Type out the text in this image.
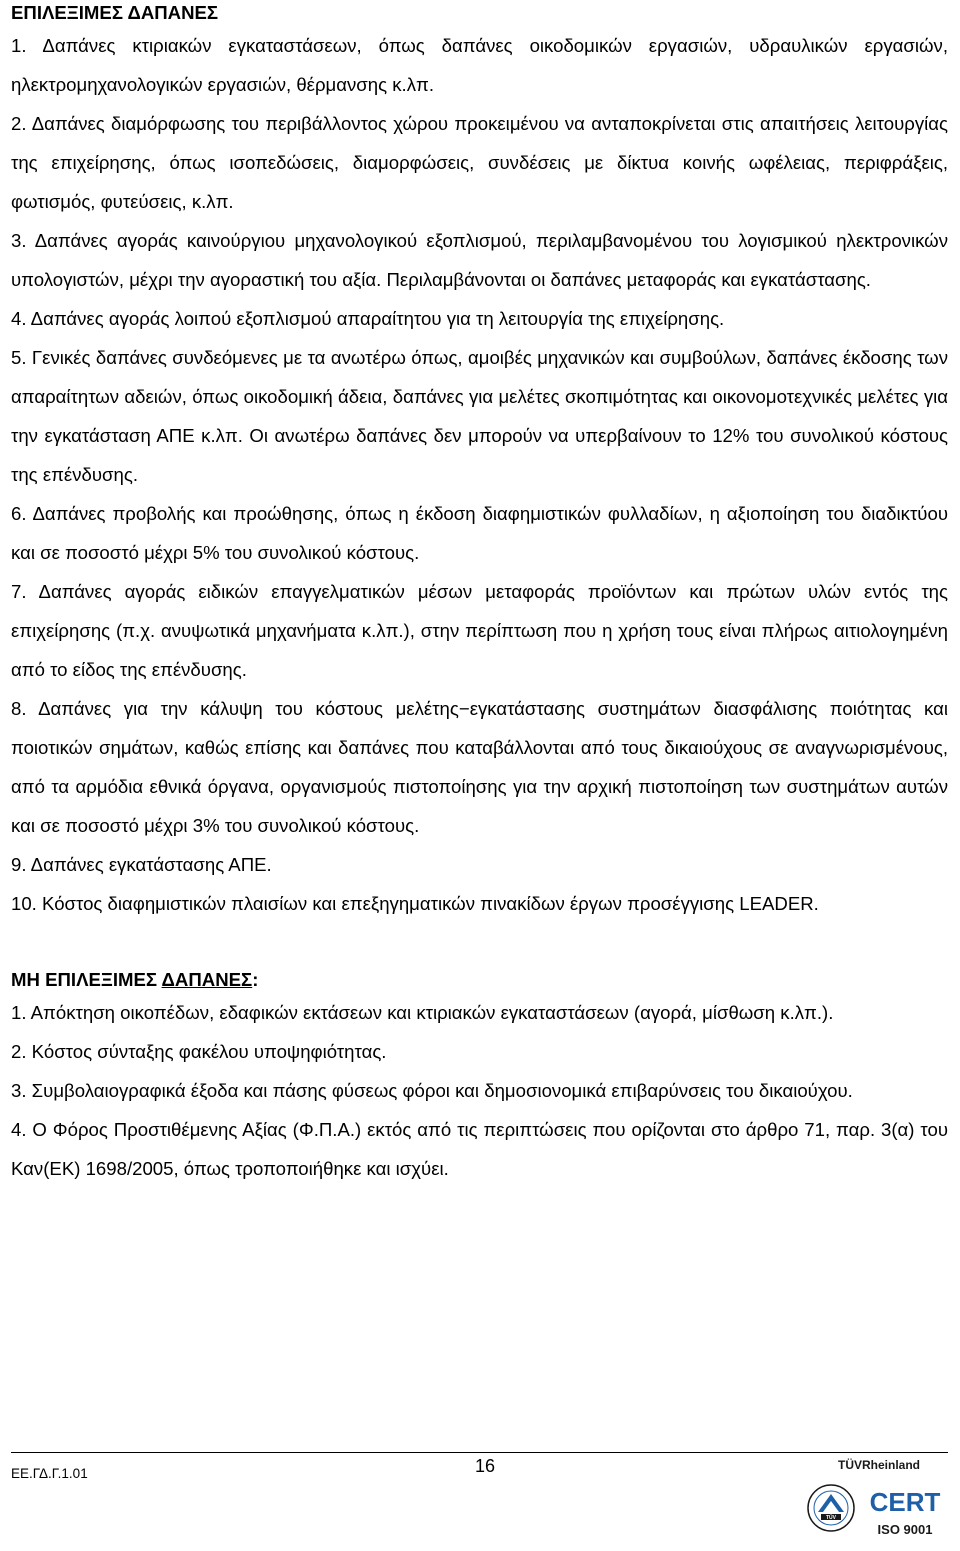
ΕΠΙΛΕΞΙΜΕΣ ΔΑΠΑΝΕΣ

1. Δαπάνες κτιριακών εγκαταστάσεων, όπως δαπάνες οικοδομικών εργασιών, υδραυλικών εργασιών, ηλεκτρομηχανολογικών εργασιών, θέρμανσης κ.λπ.

2. Δαπάνες διαμόρφωσης του περιβάλλοντος χώρου προκειμένου να ανταποκρίνεται στις απαιτήσεις λειτουργίας της επιχείρησης, όπως ισοπεδώσεις, διαμορφώσεις, συνδέσεις με δίκτυα κοινής ωφέλειας, περιφράξεις, φωτισμός, φυτεύσεις, κ.λπ.

3. Δαπάνες αγοράς καινούργιου μηχανολογικού εξοπλισμού, περιλαμβανομένου του λογισμικού ηλεκτρονικών υπολογιστών, μέχρι την αγοραστική του αξία. Περιλαμβάνονται οι δαπάνες μεταφοράς και εγκατάστασης.

4. Δαπάνες αγοράς λοιπού εξοπλισμού απαραίτητου για τη λειτουργία της επιχείρησης.

5. Γενικές δαπάνες συνδεόμενες με τα ανωτέρω όπως, αμοιβές μηχανικών και συμβούλων, δαπάνες έκδοσης των απαραίτητων αδειών, όπως οικοδομική άδεια, δαπάνες για μελέτες σκοπιμότητας και οικονομοτεχνικές μελέτες για την εγκατάσταση ΑΠΕ κ.λπ. Οι ανωτέρω δαπάνες δεν μπορούν να υπερβαίνουν το 12% του συνολικού κόστους της επένδυσης.

6. Δαπάνες προβολής και προώθησης, όπως η έκδοση διαφημιστικών φυλλαδίων, η αξιοποίηση του διαδικτύου και σε ποσοστό μέχρι 5% του συνολικού κόστους.

7. Δαπάνες αγοράς ειδικών επαγγελματικών μέσων μεταφοράς προϊόντων και πρώτων υλών εντός της επιχείρησης (π.χ. ανυψωτικά μηχανήματα κ.λπ.), στην περίπτωση που η χρήση τους είναι πλήρως αιτιολογημένη από το είδος της επένδυσης.

8. Δαπάνες για την κάλυψη του κόστους μελέτης−εγκατάστασης συστημάτων διασφάλισης ποιότητας και ποιοτικών σημάτων, καθώς επίσης και δαπάνες που καταβάλλονται από τους δικαιούχους σε αναγνωρισμένους, από τα αρμόδια εθνικά όργανα, οργανισμούς πιστοποίησης για την αρχική πιστοποίηση των συστημάτων αυτών και σε ποσοστό μέχρι 3% του συνολικού κόστους.

9. Δαπάνες εγκατάστασης ΑΠΕ.

10. Κόστος διαφημιστικών πλαισίων και επεξηγηματικών πινακίδων έργων προσέγγισης LEADER.

ΜΗ ΕΠΙΛΕΞΙΜΕΣ ΔΑΠΑΝΕΣ:

1. Απόκτηση οικοπέδων, εδαφικών εκτάσεων και κτιριακών εγκαταστάσεων (αγορά, μίσθωση κ.λπ.).

2. Κόστος σύνταξης φακέλου υποψηφιότητας.

3. Συμβολαιογραφικά έξοδα και πάσης φύσεως φόροι και δημοσιονομικά επιβαρύνσεις του δικαιούχου.

4. Ο Φόρος Προστιθέμενης Αξίας (Φ.Π.Α.) εκτός από τις περιπτώσεις που ορίζονται στο άρθρο 71, παρ. 3(α) του Καν(ΕΚ) 1698/2005, όπως τροποποιήθηκε και ισχύει.

ΕΕ.ΓΔ.Γ.1.01	16	TÜVRheinland
TÜV
CERT
ISO 9001
